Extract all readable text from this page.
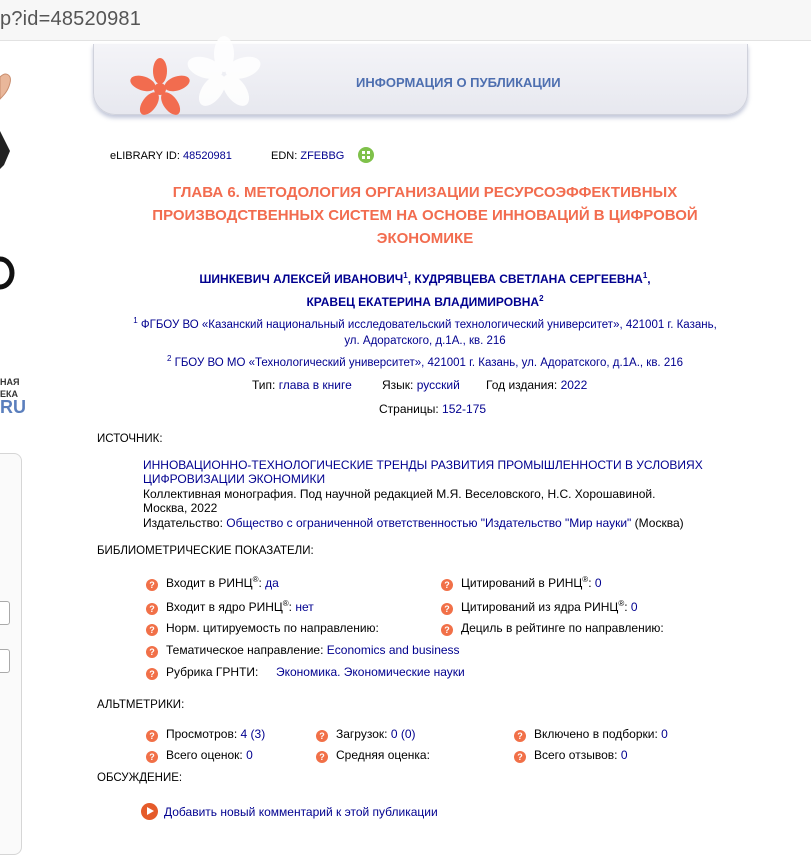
p?id=48520981
НАЯ
ЕКА
RU
ИНФОРМАЦИЯ О ПУБЛИКАЦИИ
eLIBRARY ID: 48520981	EDN: ZFEBBG
ГЛАВА 6. МЕТОДОЛОГИЯ ОРГАНИЗАЦИИ РЕСУРСОЭФФЕКТИВНЫХ ПРОИЗВОДСТВЕННЫХ СИСТЕМ НА ОСНОВЕ ИННОВАЦИЙ В ЦИФРОВОЙ ЭКОНОМИКЕ
ШИНКЕВИЧ АЛЕКСЕЙ ИВАНОВИЧ$^1$, КУДРЯВЦЕВА СВЕТЛАНА СЕРГЕЕВНА$^1$,
КРАВЕЦ ЕКАТЕРИНА ВЛАДИМИРОВНА$^2$
$^1$ ФГБОУ ВО «Казанский национальный исследовательский технологический университет», 421001 г. Казань, ул. Адоратского, д.1А., кв. 216
$^2$ ГБОУ ВО МО «Технологический университет», 421001 г. Казань, ул. Адоратского, д.1А., кв. 216
Тип: глава в книге	Язык: русский Год издания: 2022
Страницы: 152-175
ИСТОЧНИК:
ИННОВАЦИОННО-ТЕХНОЛОГИЧЕСКИЕ ТРЕНДЫ РАЗВИТИЯ ПРОМЫШЛЕННОСТИ В УСЛОВИЯХ ЦИФРОВИЗАЦИИ ЭКОНОМИКИ
Коллективная монография. Под научной редакцией М.Я. Веселовского, Н.С. Хорошавиной. Москва, 2022
Издательство: Общество с ограниченной ответственностью "Издательство "Мир науки" (Москва)
БИБЛИОМЕТРИЧЕСКИЕ ПОКАЗАТЕЛИ:
? Входит в РИНЦ®: да	? Цитирований в РИНЦ®: 0
? Входит в ядро РИНЦ®: нет	? Цитирований из ядра РИНЦ®: 0
? Норм. цитируемость по направлению:	? Дециль в рейтинге по направлению:
? Тематическое направление: Economics and business
? Рубрика ГРНТИ: Экономика. Экономические науки
АЛЬТМЕТРИКИ:
? Просмотров: 4 (3)	? Загрузок: 0 (0)	? Включено в подборки: 0
? Всего оценок: 0	? Средняя оценка:	? Всего отзывов: 0
ОБСУЖДЕНИЕ:
Добавить новый комментарий к этой публикации
